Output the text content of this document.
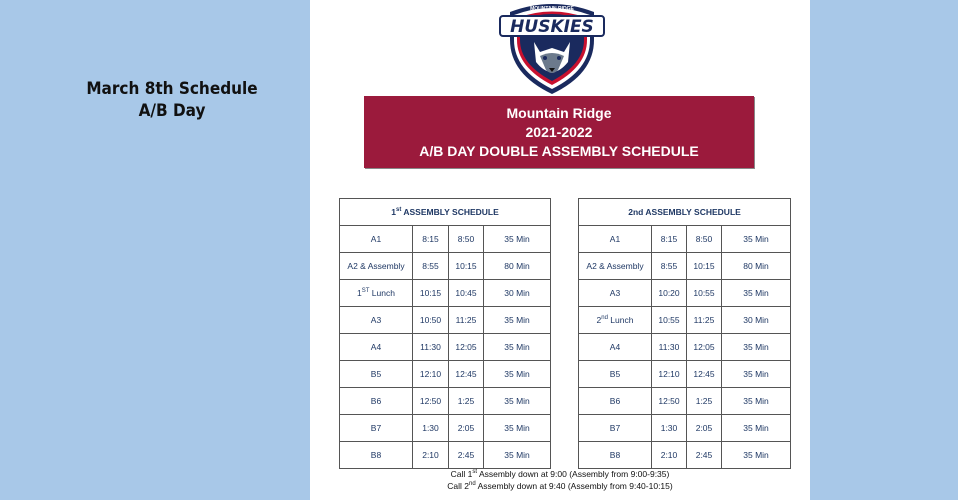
March 8th Schedule
A/B Day
MOUNTAIN RIDGE
HUSKIES
Mountain Ridge
2021-2022
A/B DAY DOUBLE ASSEMBLY SCHEDULE
1st ASSEMBLY SCHEDULE			
A1	8:15	8:50	35 Min
A2 & Assembly	8:55	10:15	80 Min
1ST Lunch	10:15	10:45	30 Min
A3	10:50	11:25	35 Min
A4	11:30	12:05	35 Min
B5	12:10	12:45	35 Min
B6	12:50	1:25	35 Min
B7	1:30	2:05	35 Min
B8	2:10	2:45	35 Min
2nd ASSEMBLY SCHEDULE			
A1	8:15	8:50	35 Min
A2 & Assembly	8:55	10:15	80 Min
A3	10:20	10:55	35 Min
2nd Lunch	10:55	11:25	30 Min
A4	11:30	12:05	35 Min
B5	12:10	12:45	35 Min
B6	12:50	1:25	35 Min
B7	1:30	2:05	35 Min
B8	2:10	2:45	35 Min
Call 1st Assembly down at 9:00 (Assembly from 9:00-9:35)
Call 2nd Assembly down at 9:40 (Assembly from 9:40-10:15)
